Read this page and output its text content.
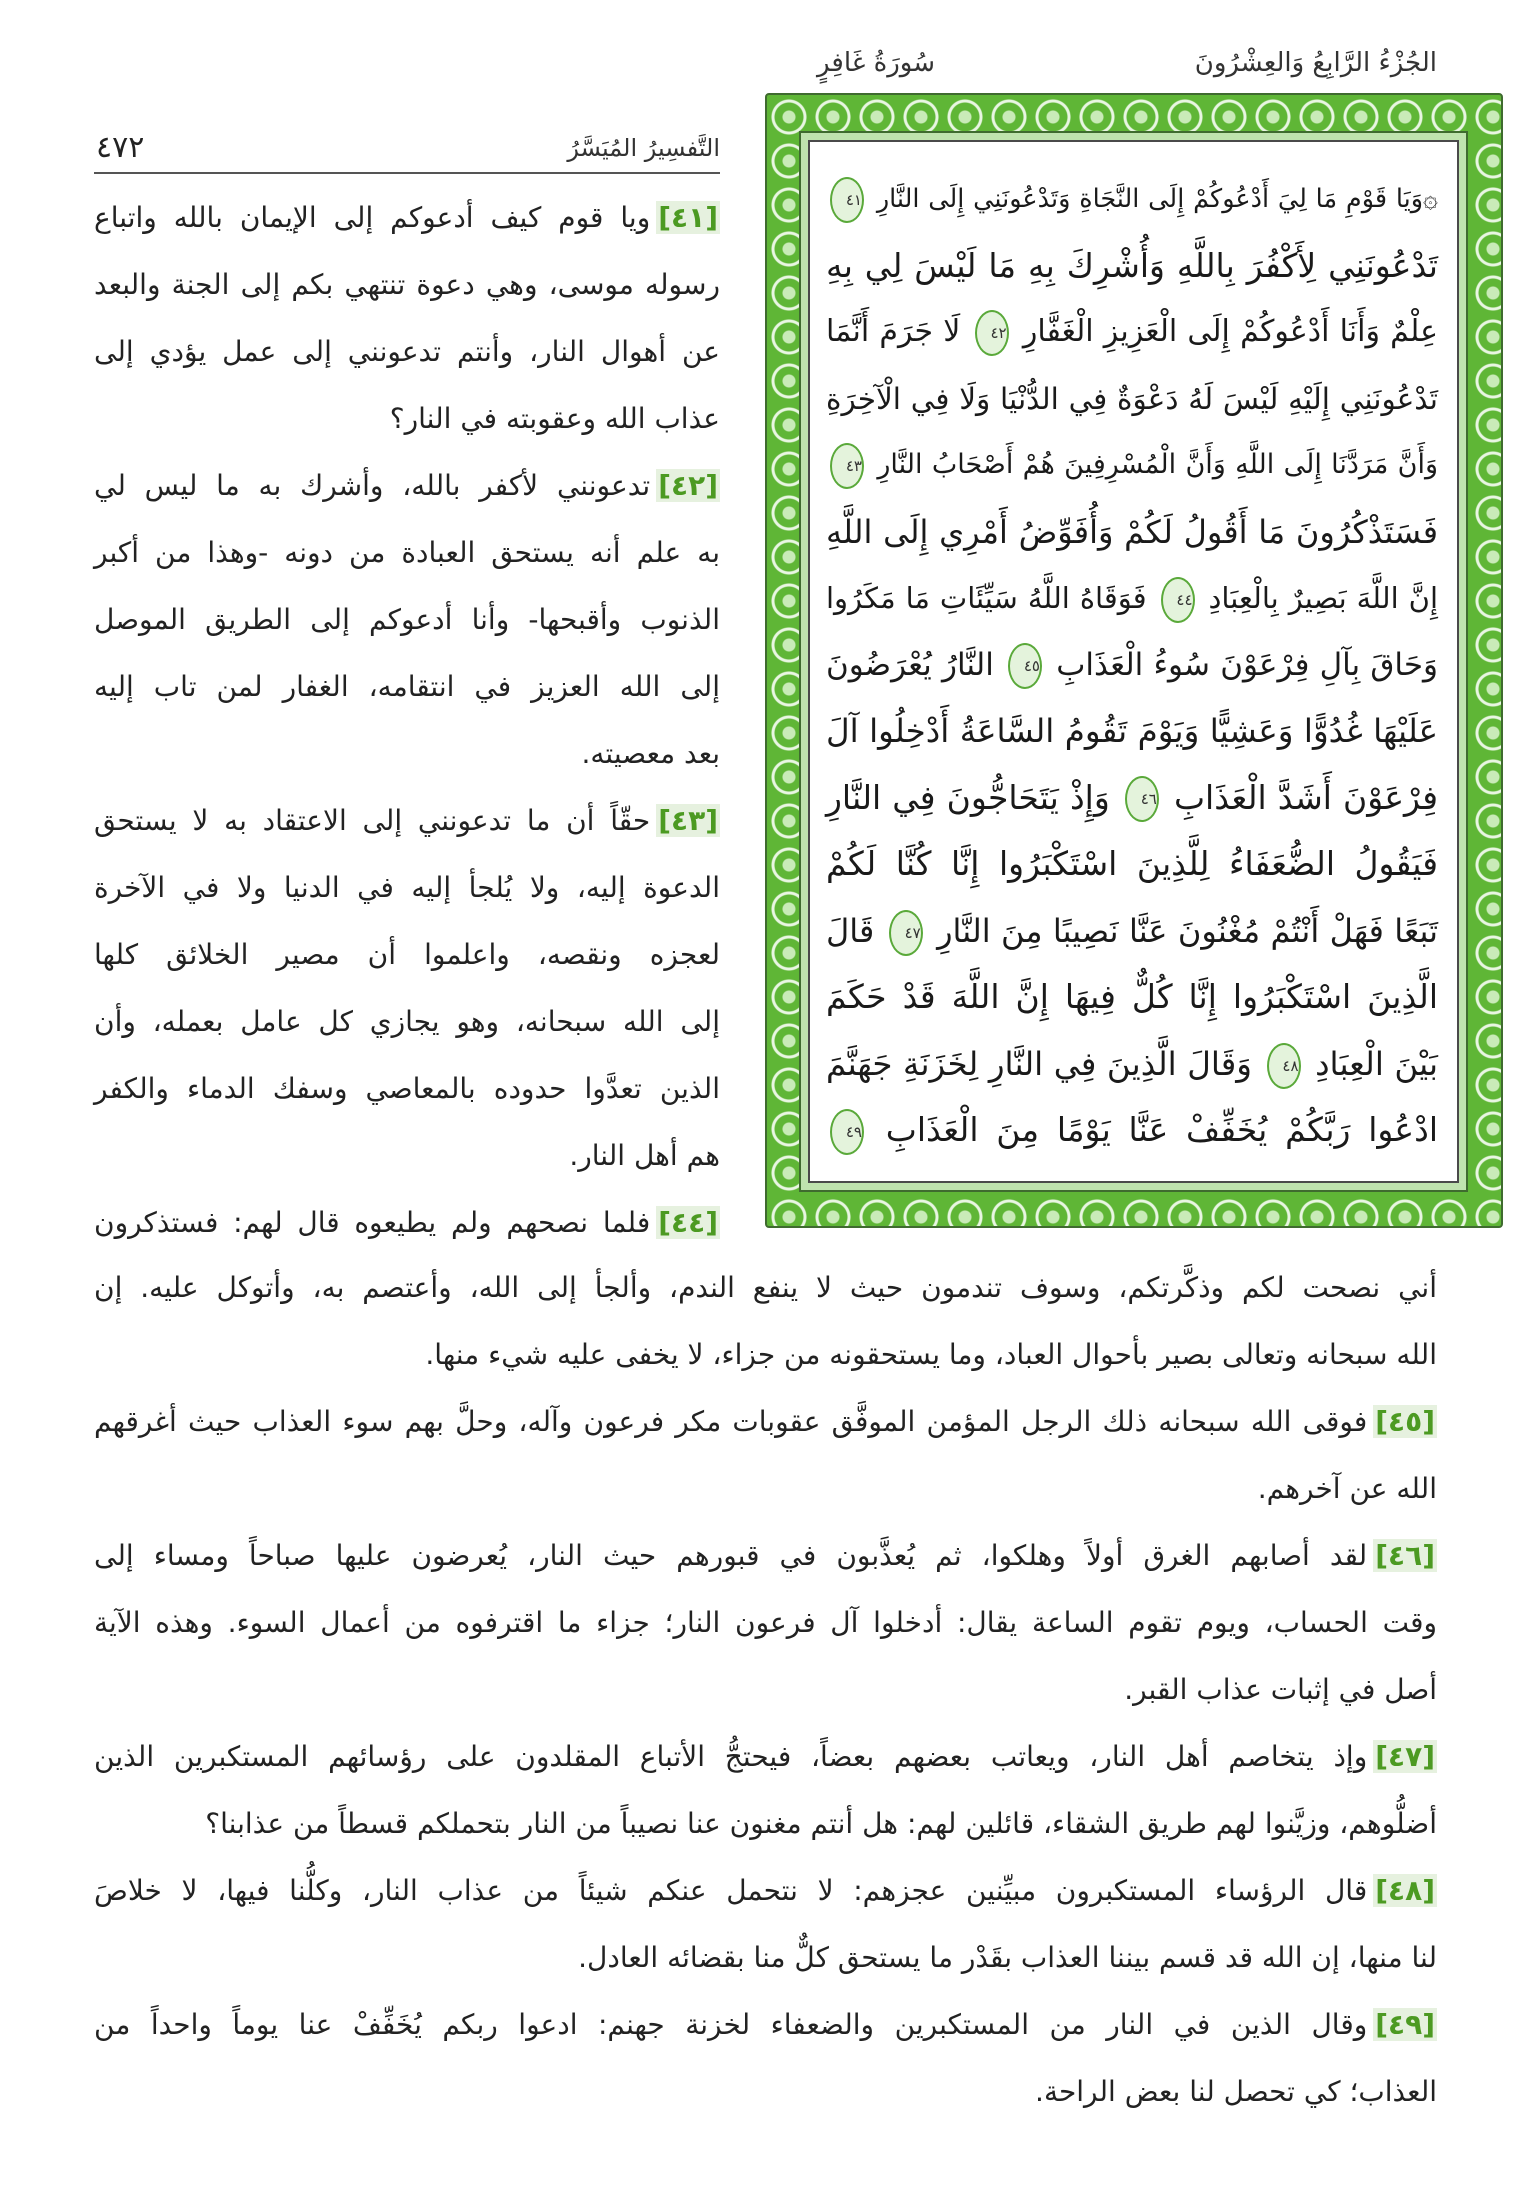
الجُزْءُ الرَّابِعُ وَالعِشْرُونَ
سُورَةُ غَافِرٍ
التَّفسِيرُ المُيَسَّرُ
٤٧٢
۞وَيَا قَوْمِ مَا لِيَ أَدْعُوكُمْ إِلَى النَّجَاةِ وَتَدْعُونَنِي إِلَى النَّارِ ٤١
تَدْعُونَنِي لِأَكْفُرَ بِاللَّهِ وَأُشْرِكَ بِهِ مَا لَيْسَ لِي بِهِ
عِلْمٌ وَأَنَا أَدْعُوكُمْ إِلَى الْعَزِيزِ الْغَفَّارِ ٤٢ لَا جَرَمَ أَنَّمَا
تَدْعُونَنِي إِلَيْهِ لَيْسَ لَهُ دَعْوَةٌ فِي الدُّنْيَا وَلَا فِي الْآخِرَةِ
وَأَنَّ مَرَدَّنَا إِلَى اللَّهِ وَأَنَّ الْمُسْرِفِينَ هُمْ أَصْحَابُ النَّارِ ٤٣
فَسَتَذْكُرُونَ مَا أَقُولُ لَكُمْ وَأُفَوِّضُ أَمْرِي إِلَى اللَّهِ
إِنَّ اللَّهَ بَصِيرٌ بِالْعِبَادِ ٤٤ فَوَقَاهُ اللَّهُ سَيِّئَاتِ مَا مَكَرُوا
وَحَاقَ بِآلِ فِرْعَوْنَ سُوءُ الْعَذَابِ ٤٥ النَّارُ يُعْرَضُونَ
عَلَيْهَا غُدُوًّا وَعَشِيًّا وَيَوْمَ تَقُومُ السَّاعَةُ أَدْخِلُوا آلَ
فِرْعَوْنَ أَشَدَّ الْعَذَابِ ٤٦ وَإِذْ يَتَحَاجُّونَ فِي النَّارِ
فَيَقُولُ الضُّعَفَاءُ لِلَّذِينَ اسْتَكْبَرُوا إِنَّا كُنَّا لَكُمْ
تَبَعًا فَهَلْ أَنْتُمْ مُغْنُونَ عَنَّا نَصِيبًا مِنَ النَّارِ ٤٧ قَالَ
الَّذِينَ اسْتَكْبَرُوا إِنَّا كُلٌّ فِيهَا إِنَّ اللَّهَ قَدْ حَكَمَ
بَيْنَ الْعِبَادِ ٤٨ وَقَالَ الَّذِينَ فِي النَّارِ لِخَزَنَةِ جَهَنَّمَ
ادْعُوا رَبَّكُمْ يُخَفِّفْ عَنَّا يَوْمًا مِنَ الْعَذَابِ ٤٩
[٤١]ويا قوم كيف أدعوكم إلى الإيمان بالله واتباع
رسوله موسى، وهي دعوة تنتهي بكم إلى الجنة والبعد
عن أهوال النار، وأنتم تدعونني إلى عمل يؤدي إلى
عذاب الله وعقوبته في النار؟
[٤٢]تدعونني لأكفر بالله، وأشرك به ما ليس لي
به علم أنه يستحق العبادة من دونه -وهذا من أكبر
الذنوب وأقبحها- وأنا أدعوكم إلى الطريق الموصل
إلى الله العزيز في انتقامه، الغفار لمن تاب إليه
بعد معصيته.
[٤٣]حقّاً أن ما تدعونني إلى الاعتقاد به لا يستحق
الدعوة إليه، ولا يُلجأ إليه في الدنيا ولا في الآخرة
لعجزه ونقصه، واعلموا أن مصير الخلائق كلها
إلى الله سبحانه، وهو يجازي كل عامل بعمله، وأن
الذين تعدَّوا حدوده بالمعاصي وسفك الدماء والكفر
هم أهل النار.
[٤٤]فلما نصحهم ولم يطيعوه قال لهم: فستذكرون
أني نصحت لكم وذكَّرتكم، وسوف تندمون حيث لا ينفع الندم، وألجأ إلى الله، وأعتصم به، وأتوكل عليه. إن
الله سبحانه وتعالى بصير بأحوال العباد، وما يستحقونه من جزاء، لا يخفى عليه شيء منها.
[٤٥]فوقى الله سبحانه ذلك الرجل المؤمن الموفَّق عقوبات مكر فرعون وآله، وحلَّ بهم سوء العذاب حيث أغرقهم
الله عن آخرهم.
[٤٦]لقد أصابهم الغرق أولاً وهلكوا، ثم يُعذَّبون في قبورهم حيث النار، يُعرضون عليها صباحاً ومساء إلى
وقت الحساب، ويوم تقوم الساعة يقال: أدخلوا آل فرعون النار؛ جزاء ما اقترفوه من أعمال السوء. وهذه الآية
أصل في إثبات عذاب القبر.
[٤٧]وإذ يتخاصم أهل النار، ويعاتب بعضهم بعضاً، فيحتجُّ الأتباع المقلدون على رؤسائهم المستكبرين الذين
أضلُّوهم، وزيَّنوا لهم طريق الشقاء، قائلين لهم: هل أنتم مغنون عنا نصيباً من النار بتحملكم قسطاً من عذابنا؟
[٤٨]قال الرؤساء المستكبرون مبيِّنين عجزهم: لا نتحمل عنكم شيئاً من عذاب النار، وكلُّنا فيها، لا خلاصَ
لنا منها، إن الله قد قسم بيننا العذاب بقَدْر ما يستحق كلٌّ منا بقضائه العادل.
[٤٩]وقال الذين في النار من المستكبرين والضعفاء لخزنة جهنم: ادعوا ربكم يُخَفِّفْ عنا يوماً واحداً من
العذاب؛ كي تحصل لنا بعض الراحة.
